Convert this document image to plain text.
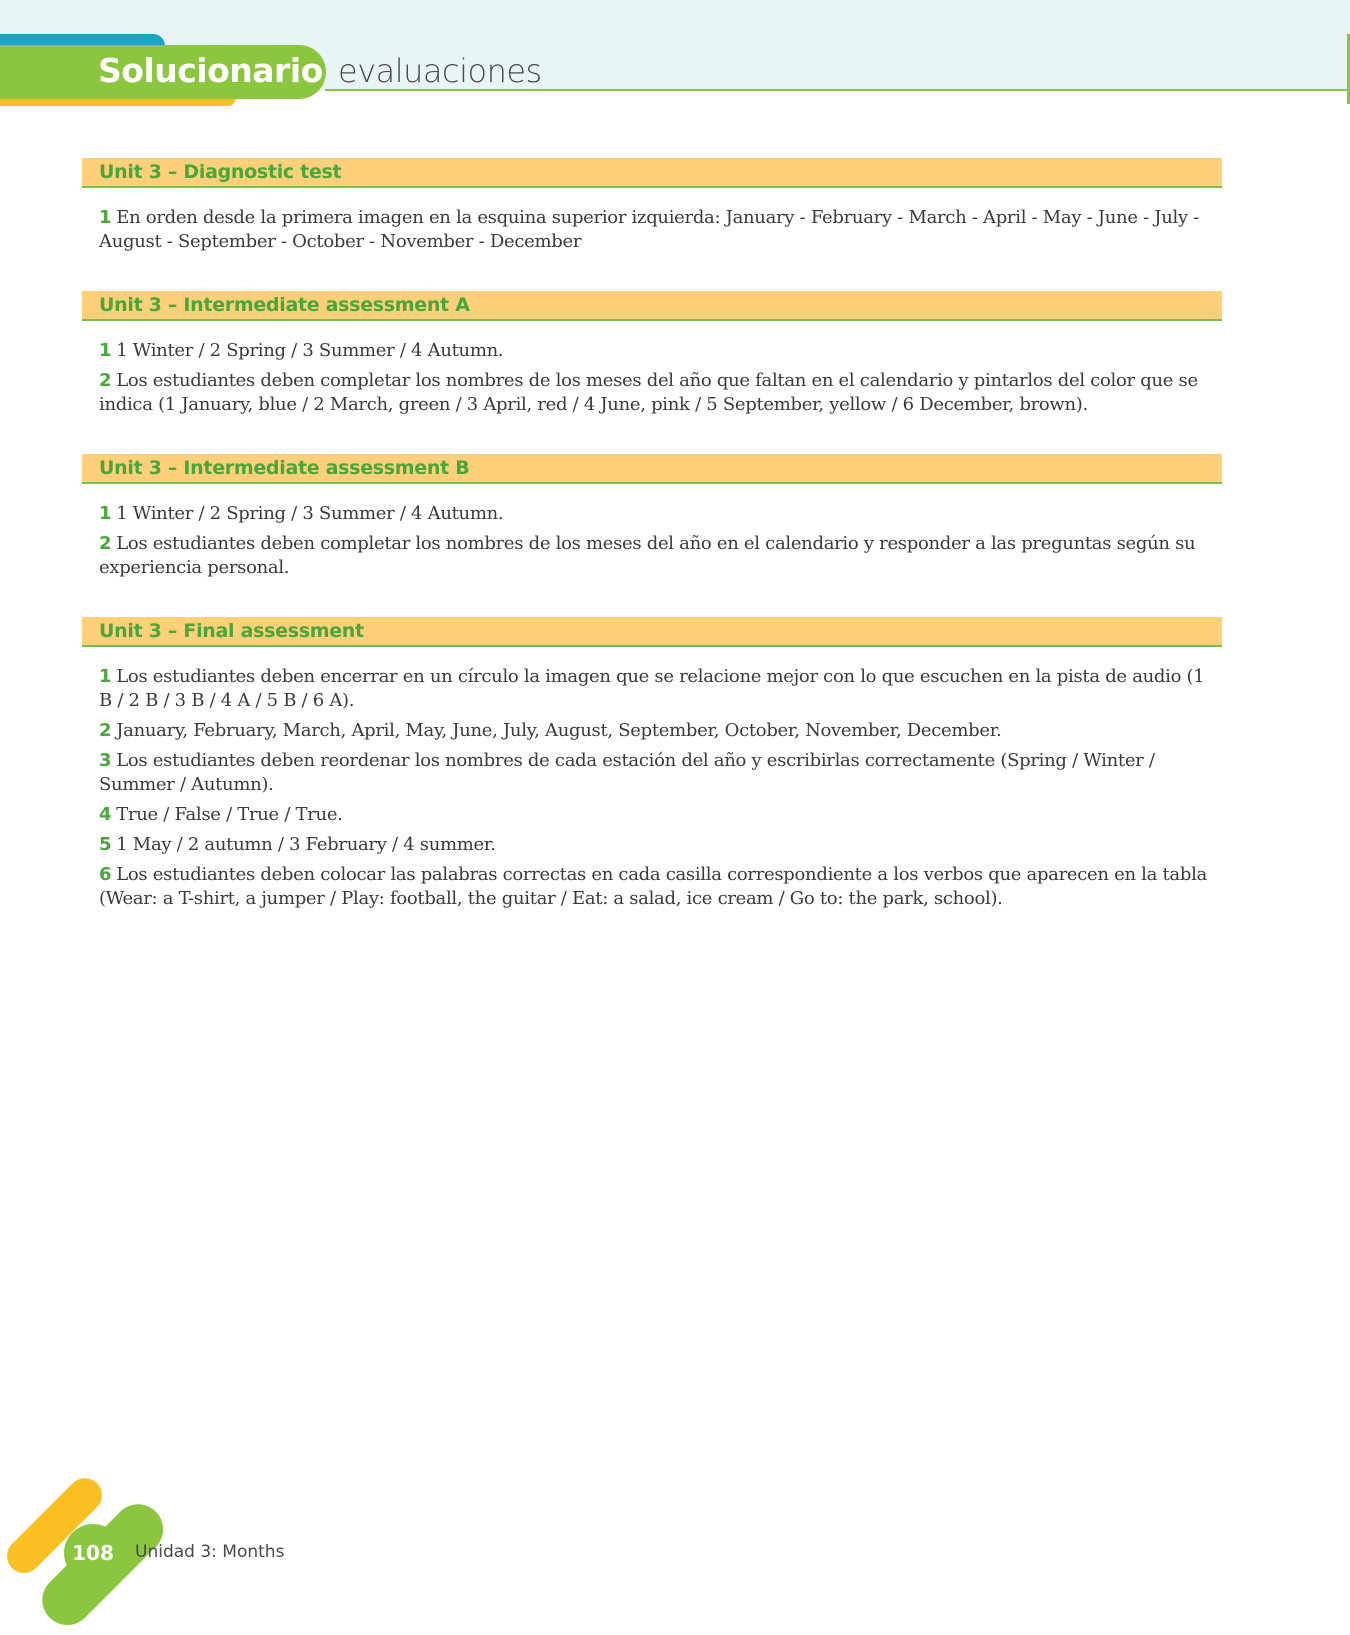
Solucionario evaluaciones
Unit 3 – Diagnostic test
1 En orden desde la primera imagen en la esquina superior izquierda: January - February - March - April - May - June - July - August - September - October - November - December
Unit 3 – Intermediate assessment A
1 1 Winter / 2 Spring / 3 Summer / 4 Autumn.
2 Los estudiantes deben completar los nombres de los meses del año que faltan en el calendario y pintarlos del color que se indica (1 January, blue / 2 March, green / 3 April, red / 4 June, pink / 5 September, yellow / 6 December, brown).
Unit 3 – Intermediate assessment B
1 1 Winter / 2 Spring / 3 Summer / 4 Autumn.
2 Los estudiantes deben completar los nombres de los meses del año en el calendario y responder a las preguntas según su experiencia personal.
Unit 3 – Final assessment
1 Los estudiantes deben encerrar en un círculo la imagen que se relacione mejor con lo que escuchen en la pista de audio (1 B / 2 B / 3 B / 4 A / 5 B / 6 A).
2 January, February, March, April, May, June, July, August, September, October, November, December.
3 Los estudiantes deben reordenar los nombres de cada estación del año y escribirlas correctamente (Spring / Winter / Summer / Autumn).
4 True / False / True / True.
5 1 May / 2 autumn / 3 February / 4 summer.
6 Los estudiantes deben colocar las palabras correctas en cada casilla correspondiente a los verbos que aparecen en la tabla (Wear: a T-shirt, a jumper / Play: football, the guitar / Eat: a salad, ice cream / Go to: the park, school).
108	Unidad 3: Months
